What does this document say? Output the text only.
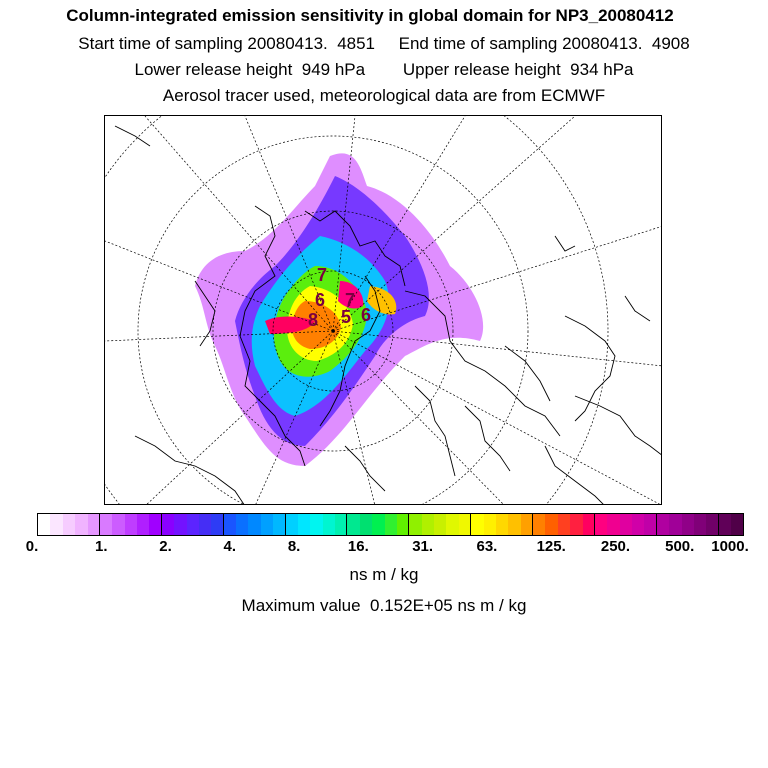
Column-integrated emission sensitivity in global domain for NP3_20080412
Start time of sampling 20080413.  4851     End time of sampling 20080413.  4908
Lower release height  949 hPa        Upper release height  934 hPa
Aerosol tracer used, meteorological data are from ECMWF
7
6 7
8 5 6
0.	1.	2.	4.	8.	16.	31.	63.	125. 250. 500. 1000.
ns m / kg
Maximum value  0.152E+05 ns m / kg
